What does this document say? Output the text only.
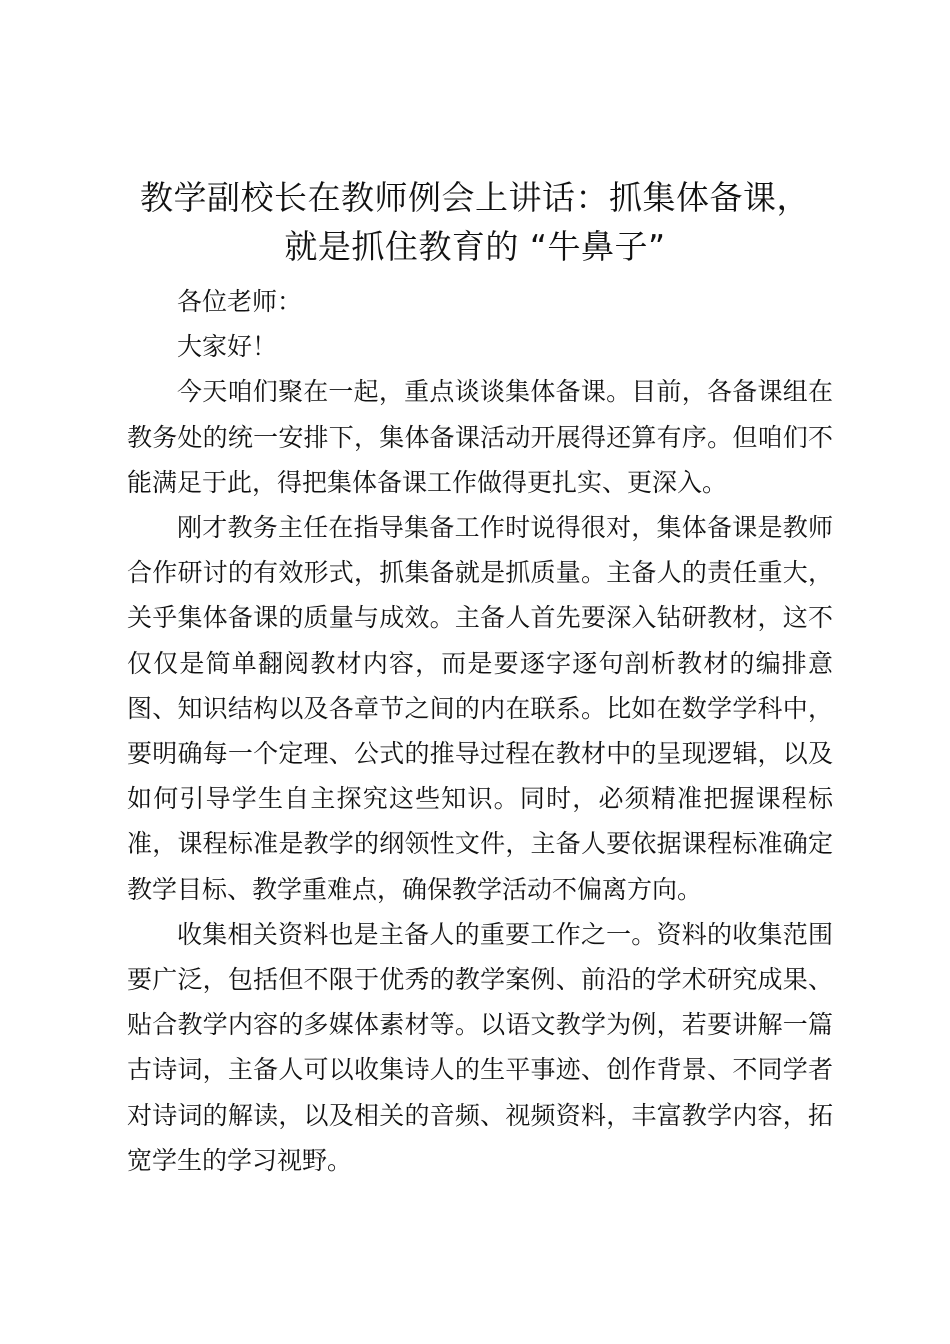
教学副校长在教师例会上讲话：抓集体备课，
就是抓住教育的 “牛鼻子”

各位老师：

大家好！

今天咱们聚在一起，重点谈谈集体备课。目前，各备课组在教务处的统一安排下，集体备课活动开展得还算有序。但咱们不能满足于此，得把集体备课工作做得更扎实、更深入。

刚才教务主任在指导集备工作时说得很对，集体备课是教师合作研讨的有效形式，抓集备就是抓质量。主备人的责任重大，关乎集体备课的质量与成效。主备人首先要深入钻研教材，这不仅仅是简单翻阅教材内容，而是要逐字逐句剖析教材的编排意图、知识结构以及各章节之间的内在联系。比如在数学学科中，要明确每一个定理、公式的推导过程在教材中的呈现逻辑，以及如何引导学生自主探究这些知识。同时，必须精准把握课程标准，课程标准是教学的纲领性文件，主备人要依据课程标准确定教学目标、教学重难点，确保教学活动不偏离方向。

收集相关资料也是主备人的重要工作之一。资料的收集范围要广泛，包括但不限于优秀的教学案例、前沿的学术研究成果、贴合教学内容的多媒体素材等。以语文教学为例，若要讲解一篇古诗词，主备人可以收集诗人的生平事迹、创作背景、不同学者对诗词的解读，以及相关的音频、视频资料，丰富教学内容，拓宽学生的学习视野。
